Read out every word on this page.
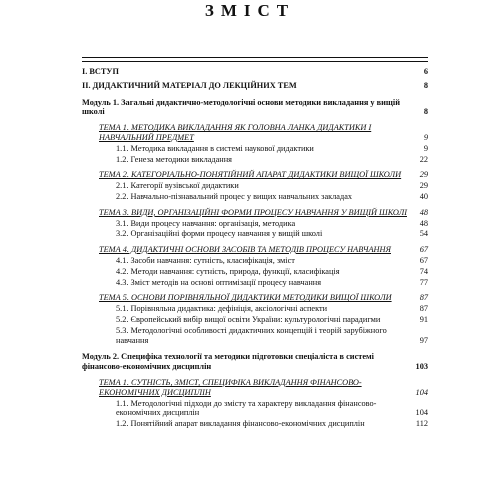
ЗМІСТ
І. ВСТУП	6
ІІ. ДИДАКТИЧНИЙ МАТЕРІАЛ ДО ЛЕКЦІЙНИХ ТЕМ	8
Модуль 1. Загальні дидактично-методологічні основи методики викладання у вищій школі	8
ТЕМА 1. МЕТОДИКА ВИКЛАДАННЯ ЯК ГОЛОВНА ЛАНКА ДИДАКТИКИ І НАВЧАЛЬНИЙ ПРЕДМЕТ	9
1.1. Методика викладання в системі наукової дидактики	9
1.2. Генеза методики викладання	22
ТЕМА 2. КАТЕГОРІАЛЬНО-ПОНЯТІЙНИЙ АПАРАТ ДИДАКТИКИ ВИЩОЇ ШКОЛИ	29
2.1. Категорії вузівської дидактики	29
2.2. Навчально-пізнавальний процес у вищих навчальних закладах	40
ТЕМА 3. ВИДИ, ОРГАНІЗАЦІЙНІ ФОРМИ ПРОЦЕСУ НАВЧАННЯ У ВИЩІЙ ШКОЛІ	48
3.1. Види процесу навчання: організація, методика	48
3.2. Організаційні форми процесу навчання у вищій школі	54
ТЕМА 4. ДИДАКТИЧНІ ОСНОВИ ЗАСОБІВ ТА МЕТОДІВ ПРОЦЕСУ НАВЧАННЯ	67
4.1. Засоби навчання: сутність, класифікація, зміст	67
4.2. Методи навчання: сутність, природа, функції, класифікація	74
4.3. Зміст методів на основі оптимізації процесу навчання	77
ТЕМА 5. ОСНОВИ ПОРІВНЯЛЬНОЇ ДИДАКТИКИ МЕТОДИКИ ВИЩОЇ ШКОЛИ	87
5.1. Порівняльна дидактика: дефініція, аксіологічні аспекти	87
5.2. Європейський вибір вищої освіти України: культурологічні парадигми	91
5.3. Методологічні особливості дидактичних концепцій і теорій зарубіжного навчання	97
Модуль 2. Специфіка технології та методики підготовки спеціаліста в системі фінансово-економічних дисциплін	103
ТЕМА 1. СУТНІСТЬ, ЗМІСТ, СПЕЦИФІКА ВИКЛАДАННЯ ФІНАНСОВО-ЕКОНОМІЧНИХ ДИСЦИПЛІН	104
1.1. Методологічні підходи до змісту та характеру викладання фінансово-економічних дисциплін	104
1.2. Понятійний апарат викладання фінансово-економічних дисциплін	112
